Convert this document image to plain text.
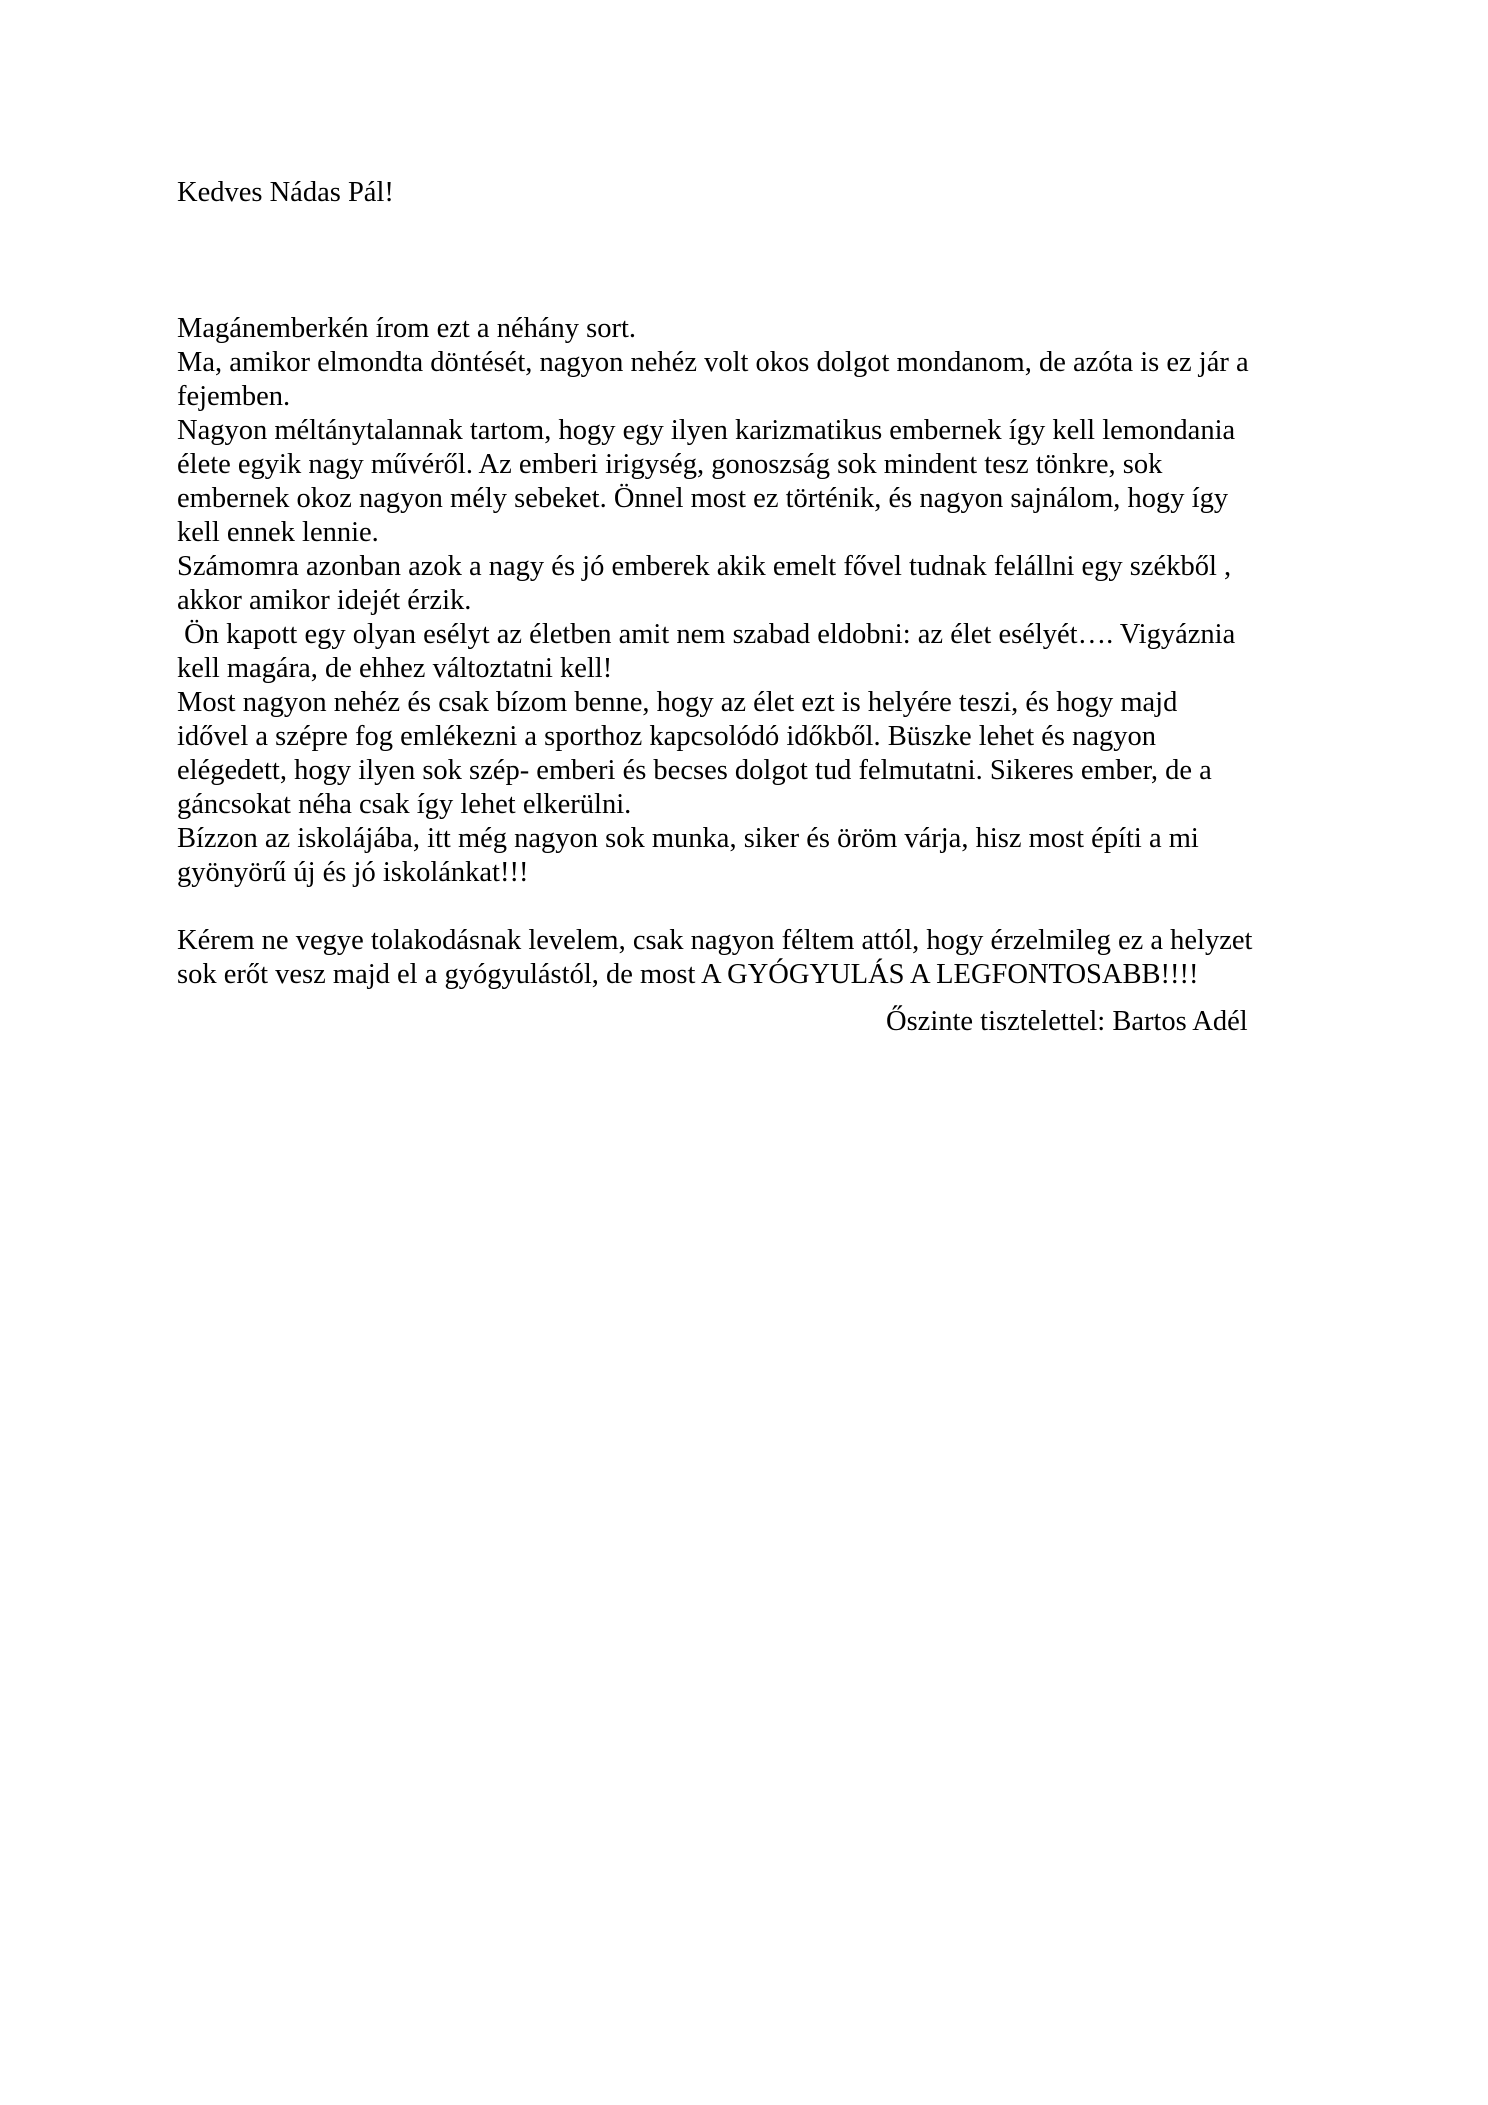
Kedves Nádas Pál!

Magánemberkén írom ezt a néhány sort.
Ma, amikor elmondta döntését, nagyon nehéz volt okos dolgot mondanom, de azóta is ez jár a
fejemben.
Nagyon méltánytalannak tartom, hogy egy ilyen karizmatikus embernek így kell lemondania
élete egyik nagy művéről. Az emberi irigység, gonoszság sok mindent tesz tönkre, sok
embernek okoz nagyon mély sebeket. Önnel most ez történik, és nagyon sajnálom, hogy így
kell ennek lennie.
Számomra azonban azok a nagy és jó emberek akik emelt fővel tudnak felállni egy székből ,
akkor amikor idejét érzik.
Ön kapott egy olyan esélyt az életben amit nem szabad eldobni: az élet esélyét…. Vigyáznia
kell magára, de ehhez változtatni kell!
Most nagyon nehéz és csak bízom benne, hogy az élet ezt is helyére teszi, és hogy majd
idővel a szépre fog emlékezni a sporthoz kapcsolódó időkből. Büszke lehet és nagyon
elégedett, hogy ilyen sok szép- emberi és becses dolgot tud felmutatni. Sikeres ember, de a
gáncsokat néha csak így lehet elkerülni.
Bízzon az iskolájába, itt még nagyon sok munka, siker és öröm várja, hisz most építi a mi
gyönyörű új és jó iskolánkat!!!
Kérem ne vegye tolakodásnak levelem, csak nagyon féltem attól, hogy érzelmileg ez a helyzet
sok erőt vesz majd el a gyógyulástól, de most A GYÓGYULÁS A LEGFONTOSABB!!!!
Őszinte tisztelettel: Bartos Adél
